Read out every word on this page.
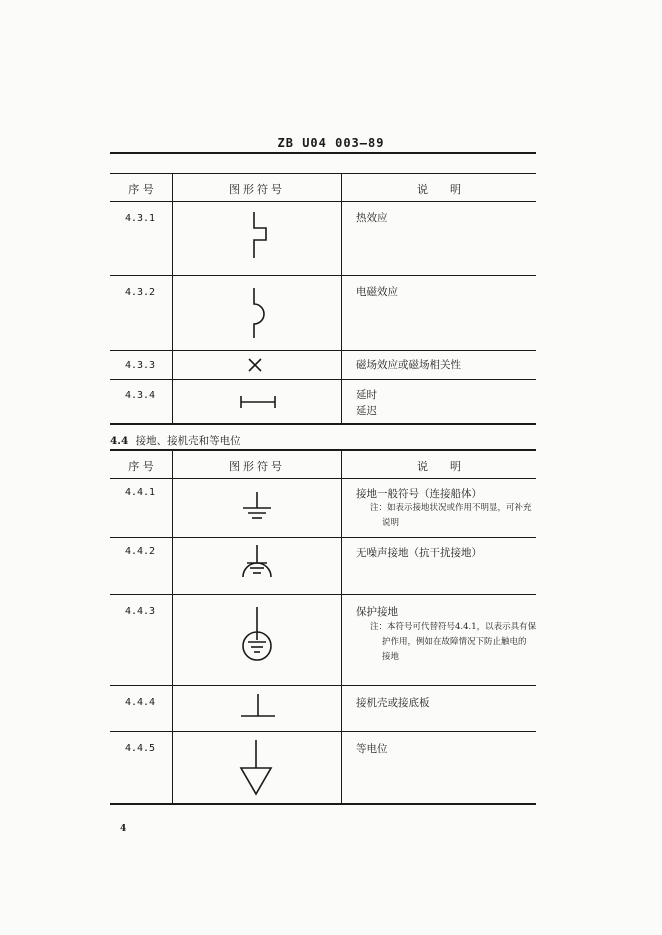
ZB U04 003—89
序 号	图形符号	说　　明
4.3.1	热效应
4.3.2	电磁效应
4.3.3	磁场效应或磁场相关性
4.3.4	延时
延迟
4.4 接地、接机壳和等电位
序 号	图形符号	说　　明
4.4.1	接地一般符号（连接船体）
注：如表示接地状况或作用不明显，可补充
说明
4.4.2	无噪声接地（抗干扰接地）
4.4.3	保护接地
注：本符号可代替符号4.4.1，以表示具有保
护作用，例如在故障情况下防止触电的
接地
4.4.4	接机壳或接底板
4.4.5	等电位
4
